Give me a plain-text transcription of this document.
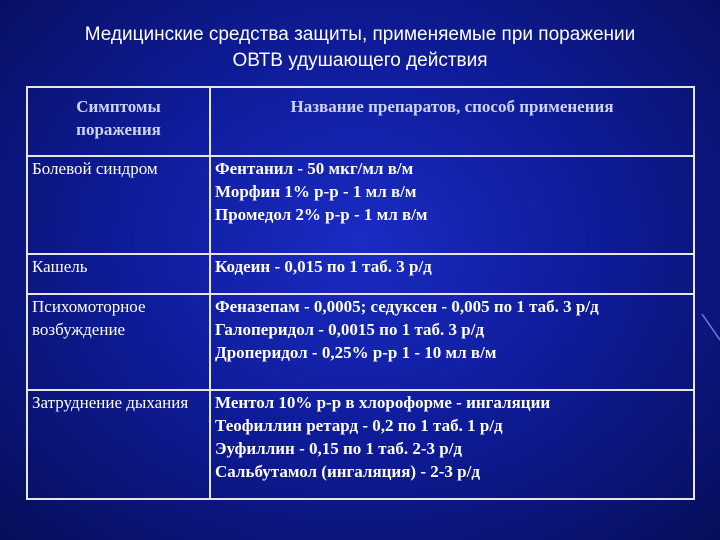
Медицинские средства защиты, применяемые при поражении
ОВТВ удушающего действия
Симптомы поражения	Название препаратов, способ применения
Болевой синдром	Фентанил - 50 мкг/мл в/м
Морфин 1% р-р - 1 мл в/м
Промедол 2% р-р - 1 мл в/м

Кашель	Кодеин - 0,015 по 1 таб. 3 р/д

Психомоторное возбуждение	Феназепам - 0,0005; седуксен - 0,005 по 1 таб. 3 р/д
Галоперидол - 0,0015 по 1 таб. 3 р/д
Дроперидол - 0,25% р-р 1 - 10 мл в/м

Затруднение дыхания	Ментол 10% р-р в хлороформе - ингаляции
Теофиллин ретард - 0,2 по 1 таб. 1 р/д
Эуфиллин - 0,15 по 1 таб. 2-3 р/д
Сальбутамол (ингаляция) - 2-3 р/д
